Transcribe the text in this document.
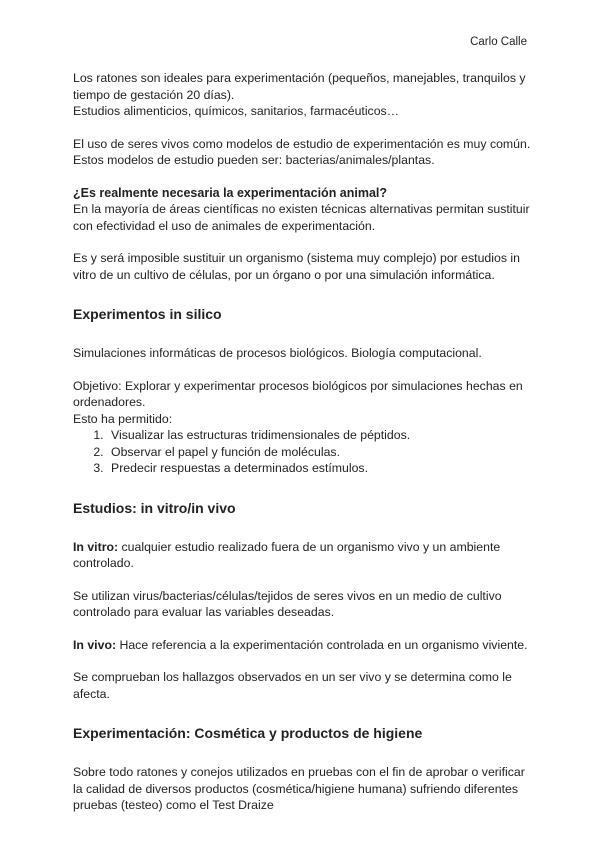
Carlo Calle

Los ratones son ideales para experimentación (pequeños, manejables, tranquilos y tiempo de gestación 20 días).

Estudios alimenticios, químicos, sanitarios, farmacéuticos…

El uso de seres vivos como modelos de estudio de experimentación es muy común.

Estos modelos de estudio pueden ser: bacterias/animales/plantas.

¿Es realmente necesaria la experimentación animal?

En la mayoría de áreas científicas no existen técnicas alternativas permitan sustituir con efectividad el uso de animales de experimentación.

Es y será imposible sustituir un organismo (sistema muy complejo) por estudios in vitro de un cultivo de células, por un órgano o por una simulación informática.

Experimentos in silico

Simulaciones informáticas de procesos biológicos. Biología computacional.

Objetivo: Explorar y experimentar procesos biológicos por simulaciones hechas en ordenadores.

Esto ha permitido:

1. Visualizar las estructuras tridimensionales de péptidos.
2. Observar el papel y función de moléculas.
3. Predecir respuestas a determinados estímulos.

Estudios: in vitro/in vivo

In vitro: cualquier estudio realizado fuera de un organismo vivo y un ambiente controlado.

Se utilizan virus/bacterias/células/tejidos de seres vivos en un medio de cultivo controlado para evaluar las variables deseadas.

In vivo: Hace referencia a la experimentación controlada en un organismo viviente.

Se comprueban los hallazgos observados en un ser vivo y se determina como le afecta.

Experimentación: Cosmética y productos de higiene

Sobre todo ratones y conejos utilizados en pruebas con el fin de aprobar o verificar la calidad de diversos productos (cosmética/higiene humana) sufriendo diferentes pruebas (testeo) como el Test Draize
